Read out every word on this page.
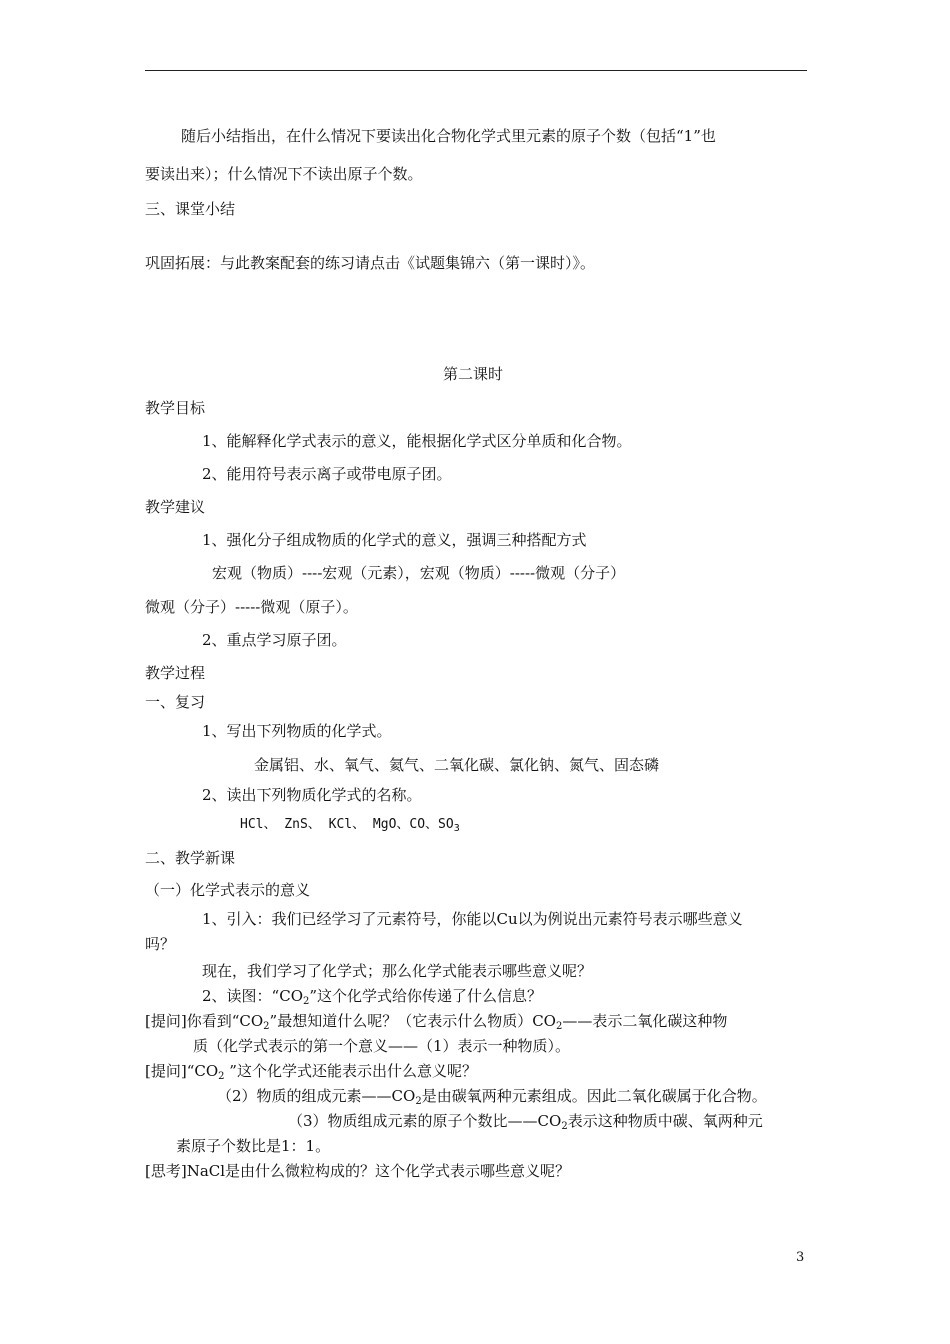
随后小结指出，在什么情况下要读出化合物化学式里元素的原子个数（包括“1”也
要读出来）；什么情况下不读出原子个数。
三、课堂小结
巩固拓展：与此教案配套的练习请点击《试题集锦六（第一课时）》。
第二课时
教学目标
1、能解释化学式表示的意义，能根据化学式区分单质和化合物。
2、能用符号表示离子或带电原子团。
教学建议
1、强化分子组成物质的化学式的意义，强调三种搭配方式
宏观（物质）----宏观（元素），宏观（物质）-----微观（分子）
微观（分子）-----微观（原子）。
2、重点学习原子团。
教学过程
一、复习
1、写出下列物质的化学式。
金属铝、水、氧气、氦气、二氧化碳、氯化钠、氮气、固态磷
2、读出下列物质化学式的名称。
HCl、 ZnS、 KCl、 MgO、CO、$SO_3$
二、教学新课
（一）化学式表示的意义
1、引入：我们已经学习了元素符号，你能以Cu以为例说出元素符号表示哪些意义
吗？
现在，我们学习了化学式；那么化学式能表示哪些意义呢？
2、读图：“$CO_2$”这个化学式给你传递了什么信息？
[提问]你看到“$CO_2$”最想知道什么呢？（它表示什么物质）$CO_2——$表示二氧化碳这种物
质（化学式表示的第一个意义——（1）表示一种物质）。
[提问]“$CO_2$ ”这个化学式还能表示出什么意义呢？
（2）物质的组成元素$——CO_2$是由碳氧两种元素组成。因此二氧化碳属于化合物。
（3）物质组成元素的原子个数比$——CO_2$表示这种物质中碳、氧两种元
素原子个数比是1：1。
[思考]NaCl是由什么微粒构成的？这个化学式表示哪些意义呢？
3
